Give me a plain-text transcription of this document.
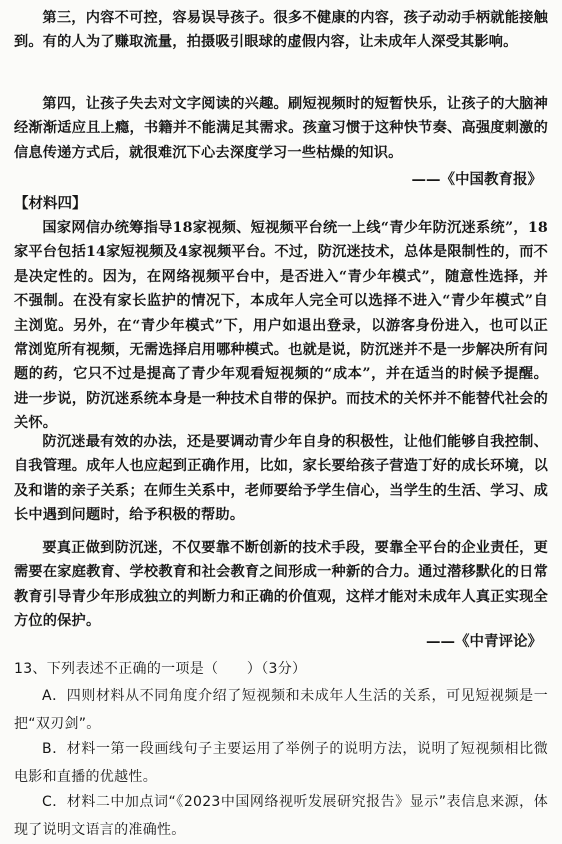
第三，内容不可控，容易误导孩子。很多不健康的内容，孩子动动手柄就能接触到。有的人为了赚取流量，拍摄吸引眼球的虚假内容，让未成年人深受其影响。

第四，让孩子失去对文字阅读的兴趣。刷短视频时的短暂快乐，让孩子的大脑神经渐渐适应且上瘾，书籍并不能满足其需求。孩童习惯于这种快节奏、高强度刺激的信息传递方式后，就很难沉下心去深度学习一些枯燥的知识。

——《中国教育报》
【材料四】

国家网信办统筹指导18家视频、短视频平台统一上线“青少年防沉迷系统”，18家平台包括14家短视频及4家视频平台。不过，防沉迷技术，总体是限制性的，而不是决定性的。因为，在网络视频平台中，是否进入“青少年模式”，随意性选择，并不强制。在没有家长监护的情况下，本成年人完全可以选择不进入“青少年模式”自主浏览。另外，在“青少年模式”下，用户如退出登录，以游客身份进入，也可以正常浏览所有视频，无需选择启用哪种模式。也就是说，防沉迷并不是一步解决所有问题的药，它只不过是提高了青少年观看短视频的“成本”，并在适当的时候予提醒。进一步说，防沉迷系统本身是一种技术自带的保护。而技术的关怀并不能替代社会的关怀。

防沉迷最有效的办法，还是要调动青少年自身的积极性，让他们能够自我控制、自我管理。成年人也应起到正确作用，比如，家长要给孩子营造丁好的成长环境，以及和谐的亲子关系；在师生关系中，老师要给予学生信心，当学生的生活、学习、成长中遇到问题时，给予积极的帮助。

要真正做到防沉迷，不仅要靠不断创新的技术手段，要靠全平台的企业责任，更需要在家庭教育、学校教育和社会教育之间形成一种新的合力。通过潜移默化的日常教育引导青少年形成独立的判断力和正确的价值观，这样才能对未成年人真正实现全方位的保护。

——《中青评论》

13、下列表述不正确的一项是（　　）（3分）

A．四则材料从不同角度介绍了短视频和未成年人生活的关系，可见短视频是一把“双刃剑”。

B．材料一第一段画线句子主要运用了举例子的说明方法，说明了短视频相比微电影和直播的优越性。

C．材料二中加点词“《2023中国网络视听发展研究报告》显示”表信息来源，体现了说明文语言的准确性。
